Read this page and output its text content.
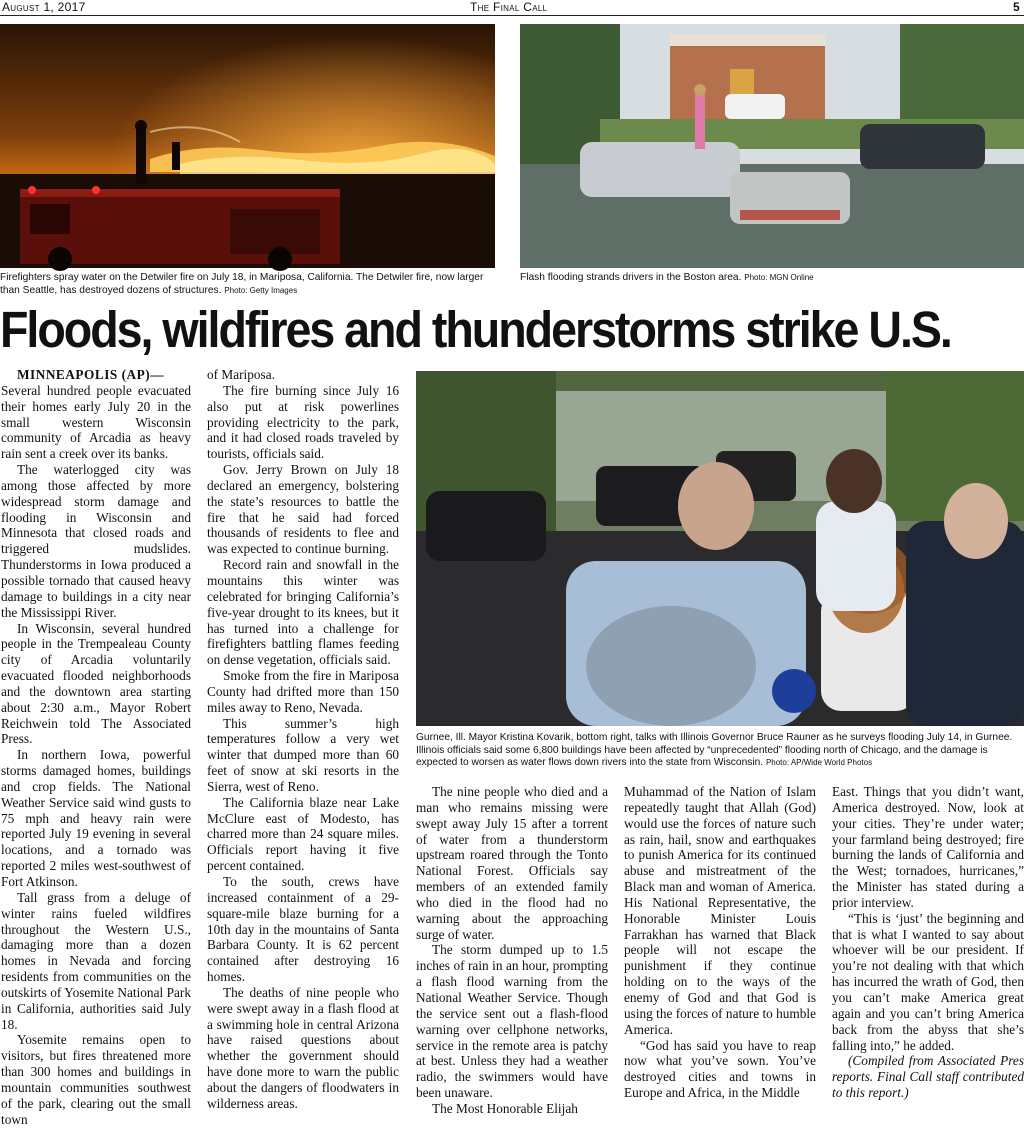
August 1, 2017	The Final Call	5
Firefighters spray water on the Detwiler fire on July 18, in Mariposa, California. The Detwiler fire, now larger than Seattle, has destroyed dozens of structures. Photo: Getty Images
Flash flooding strands drivers in the Boston area. Photo: MGN Online
Floods, wildfires and thunderstorms strike U.S.
Gurnee, Ill. Mayor Kristina Kovarik, bottom right, talks with Illinois Governor Bruce Rauner as he surveys flooding July 14, in Gurnee. Illinois officials said some 6,800 buildings have been affected by “unprecedented” flooding north of Chicago, and the damage is expected to worsen as water flows down rivers into the state from Wisconsin. Photo: AP/Wide World Photos

MINNEAPOLIS (AP)—

Several hundred people evacuated their homes early July 20 in the small western Wisconsin community of Arcadia as heavy rain sent a creek over its banks.

The waterlogged city was among those affected by more widespread storm damage and flooding in Wisconsin and Minnesota that closed roads and triggered mudslides. Thunderstorms in Iowa produced a possible tornado that caused heavy damage to buildings in a city near the Mississippi River.

In Wisconsin, several hundred people in the Trempealeau County city of Arcadia voluntarily evacuated flooded neighborhoods and the downtown area starting about 2:30 a.m., Mayor Robert Reichwein told The Associated Press.

In northern Iowa, powerful storms damaged homes, buildings and crop fields. The National Weather Service said wind gusts to 75 mph and heavy rain were reported July 19 evening in several locations, and a tornado was reported 2 miles west-southwest of Fort Atkinson.

Tall grass from a deluge of winter rains fueled wildfires throughout the Western U.S., damaging more than a dozen homes in Nevada and forcing residents from communities on the outskirts of Yosemite National Park in California, authorities said July 18.

Yosemite remains open to visitors, but fires threatened more than 300 homes and buildings in mountain communities southwest of the park, clearing out the small town

of Mariposa.

The fire burning since July 16 also put at risk powerlines providing electricity to the park, and it had closed roads traveled by tourists, officials said.

Gov. Jerry Brown on July 18 declared an emergency, bolstering the state’s resources to battle the fire that he said had forced thousands of residents to flee and was expected to continue burning.

Record rain and snowfall in the mountains this winter was celebrated for bringing California’s five-year drought to its knees, but it has turned into a challenge for firefighters battling flames feeding on dense vegetation, officials said.

Smoke from the fire in Mariposa County had drifted more than 150 miles away to Reno, Nevada.

This summer’s high temperatures follow a very wet winter that dumped more than 60 feet of snow at ski resorts in the Sierra, west of Reno.

The California blaze near Lake McClure east of Modesto, has charred more than 24 square miles. Officials report having it five percent contained.

To the south, crews have increased containment of a 29-square-mile blaze burning for a 10th day in the mountains of Santa Barbara County. It is 62 percent contained after destroying 16 homes.

The deaths of nine people who were swept away in a flash flood at a swimming hole in central Arizona have raised questions about whether the government should have done more to warn the public about the dangers of floodwaters in wilderness areas.

The nine people who died and a man who remains missing were swept away July 15 after a torrent of water from a thunderstorm upstream roared through the Tonto National Forest. Officials say members of an extended family who died in the flood had no warning about the approaching surge of water.

The storm dumped up to 1.5 inches of rain in an hour, prompting a flash flood warning from the National Weather Service. Though the service sent out a flash-flood warning over cellphone networks, service in the remote area is patchy at best. Unless they had a weather radio, the swimmers would have been unaware.

The Most Honorable Elijah

Muhammad of the Nation of Islam repeatedly taught that Allah (God) would use the forces of nature such as rain, hail, snow and earthquakes to punish America for its continued abuse and mistreatment of the Black man and woman of America. His National Representative, the Honorable Minister Louis Farrakhan has warned that Black people will not escape the punishment if they continue holding on to the ways of the enemy of God and that God is using the forces of nature to humble America.

“God has said you have to reap now what you’ve sown. You’ve destroyed cities and towns in Europe and Africa, in the Middle

East. Things that you didn’t want, America destroyed. Now, look at your cities. They’re under water; your farmland being destroyed; fire burning the lands of California and the West; tornadoes, hurricanes,” the Minister has stated during a prior interview.

“This is ‘just’ the beginning and that is what I wanted to say about whoever will be our president. If you’re not dealing with that which has incurred the wrath of God, then you can’t make America great again and you can’t bring America back from the abyss that she’s falling into,” he added.

(Compiled from Associated Pres reports. Final Call staff contributed to this report.)
